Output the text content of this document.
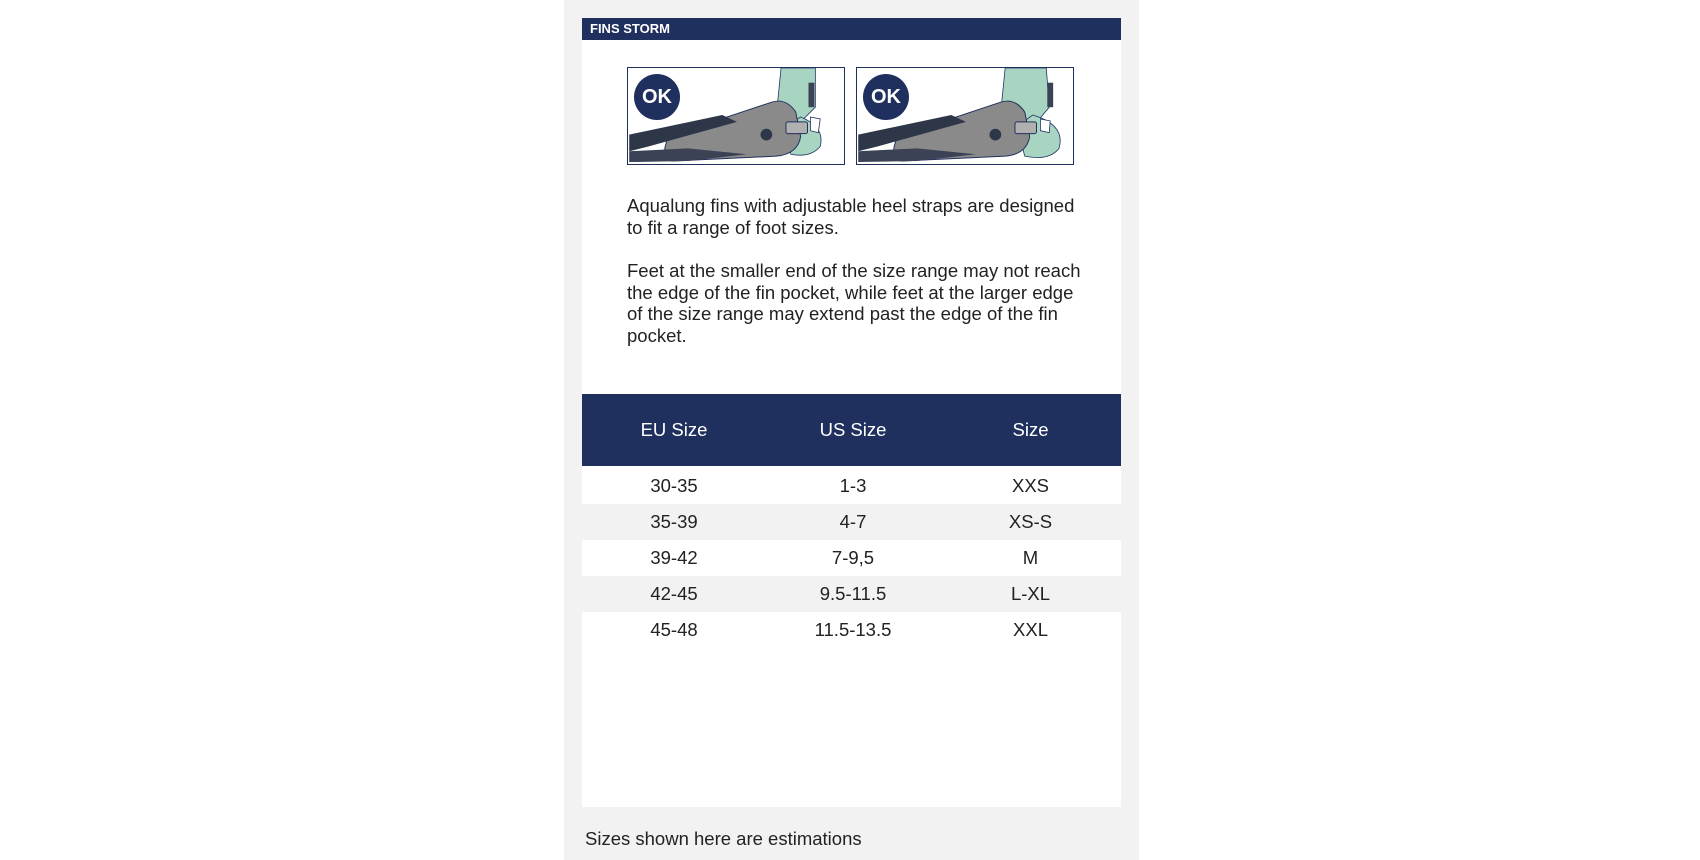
FINS STORM
OK	OK

Aqualung fins with adjustable heel straps are designed to fit a range of foot sizes.

Feet at the smaller end of the size range may not reach the edge of the fin pocket, while feet at the larger edge of the size range may extend past the edge of the fin pocket.

EU Size	US Size	Size
30-35	1-3	XXS
35-39	4-7	XS-S
39-42	7-9,5	M
42-45	9.5-11.5	L-XL
45-48	11.5-13.5	XXL
Sizes shown here are estimations
